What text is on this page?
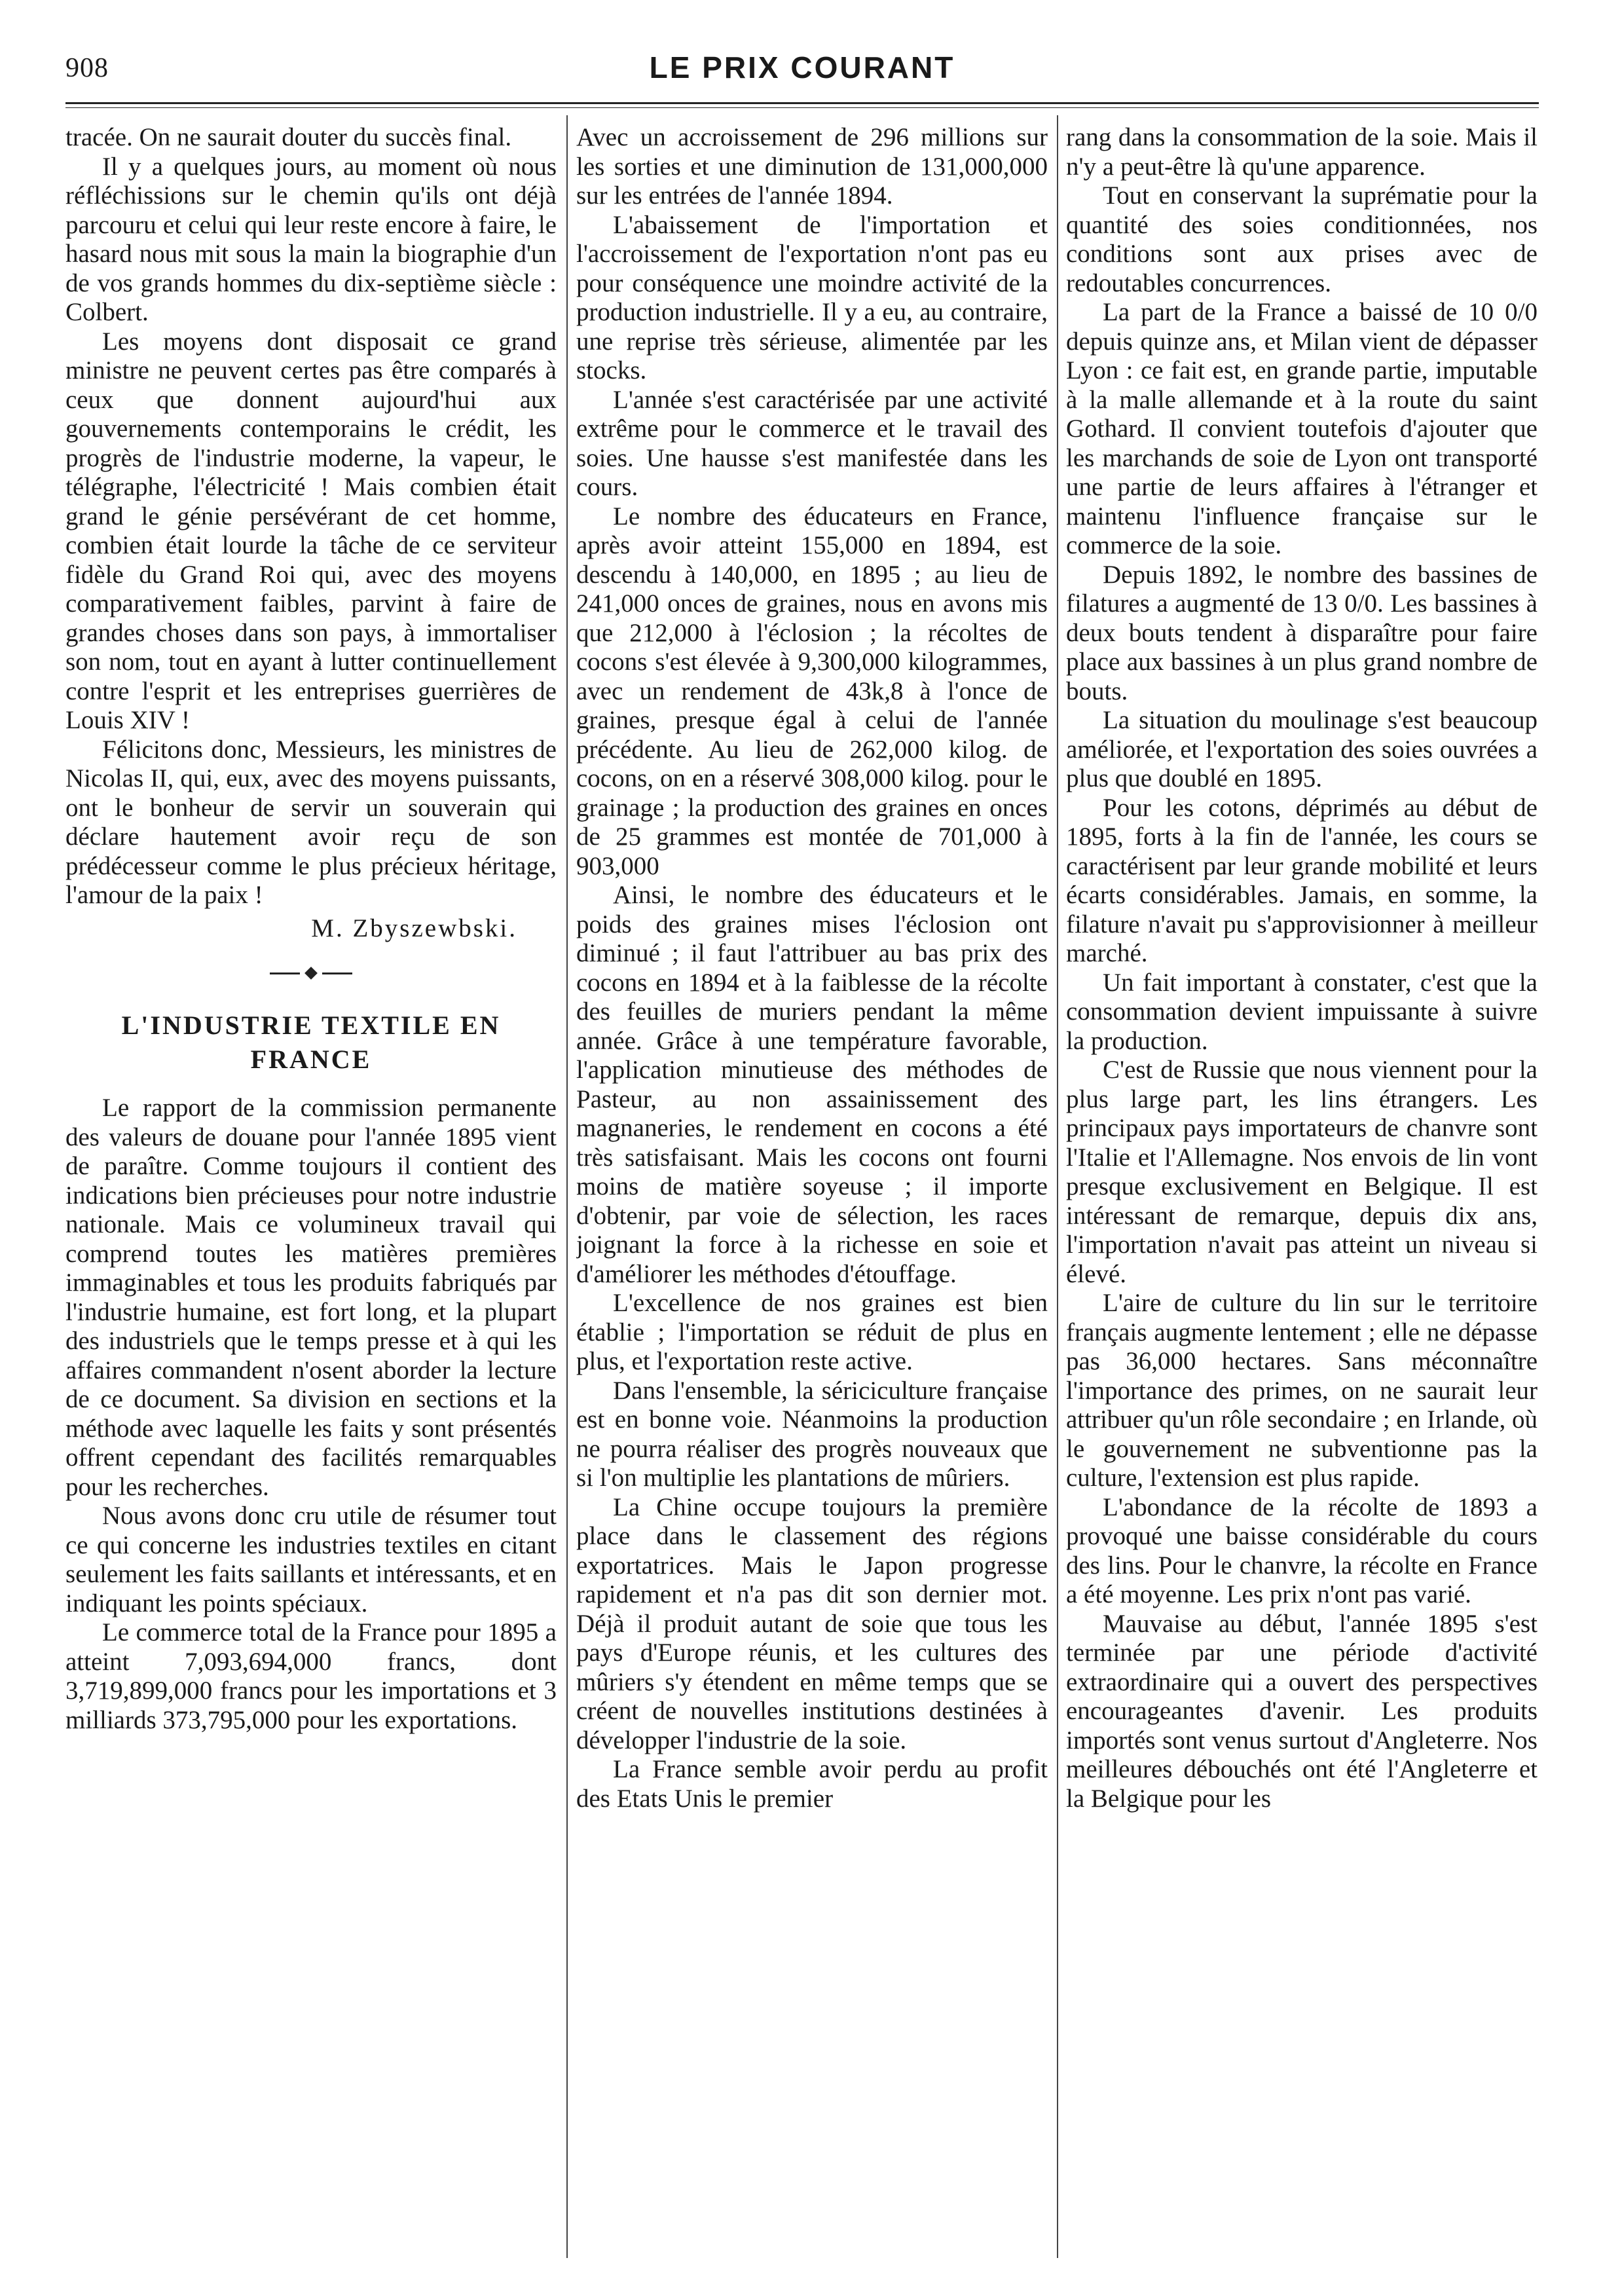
908	LE PRIX COURANT

tracée. On ne saurait douter du succès final.

Il y a quelques jours, au moment où nous réfléchissions sur le chemin qu'ils ont déjà parcouru et celui qui leur reste encore à faire, le hasard nous mit sous la main la biographie d'un de vos grands hommes du dix-septième siècle : Colbert.

Les moyens dont disposait ce grand ministre ne peuvent certes pas être comparés à ceux que donnent aujourd'hui aux gouvernements contemporains le crédit, les progrès de l'industrie moderne, la vapeur, le télégraphe, l'électricité ! Mais combien était grand le génie persévérant de cet homme, combien était lourde la tâche de ce serviteur fidèle du Grand Roi qui, avec des moyens comparativement faibles, parvint à faire de grandes choses dans son pays, à immortaliser son nom, tout en ayant à lutter continuellement contre l'esprit et les entreprises guerrières de Louis XIV !

Félicitons donc, Messieurs, les ministres de Nicolas II, qui, eux, avec des moyens puissants, ont le bonheur de servir un souverain qui déclare hautement avoir reçu de son prédécesseur comme le plus précieux héritage, l'amour de la paix !

M. Zbyszewbski.
L'INDUSTRIE TEXTILE EN
FRANCE

Le rapport de la commission permanente des valeurs de douane pour l'année 1895 vient de paraître. Comme toujours il contient des indications bien précieuses pour notre industrie nationale. Mais ce volumineux travail qui comprend toutes les matières premières immaginables et tous les produits fabriqués par l'industrie humaine, est fort long, et la plupart des industriels que le temps presse et à qui les affaires commandent n'osent aborder la lecture de ce document. Sa division en sections et la méthode avec laquelle les faits y sont présentés offrent cependant des facilités remarquables pour les recherches.

Nous avons donc cru utile de résumer tout ce qui concerne les industries textiles en citant seulement les faits saillants et intéressants, et en indiquant les points spéciaux.

Le commerce total de la France pour 1895 a atteint 7,093,694,000 francs, dont 3,719,899,000 francs pour les importations et 3 milliards 373,795,000 pour les exportations.

Avec un accroissement de 296 millions sur les sorties et une diminution de 131,000,000 sur les entrées de l'année 1894.

L'abaissement de l'importation et l'accroissement de l'exportation n'ont pas eu pour conséquence une moindre activité de la production industrielle. Il y a eu, au contraire, une reprise très sérieuse, alimentée par les stocks.

L'année s'est caractérisée par une activité extrême pour le commerce et le travail des soies. Une hausse s'est manifestée dans les cours.

Le nombre des éducateurs en France, après avoir atteint 155,000 en 1894, est descendu à 140,000, en 1895 ; au lieu de 241,000 onces de graines, nous en avons mis que 212,000 à l'éclosion ; la récoltes de cocons s'est élevée à 9,300,000 kilogrammes, avec un rendement de 43k,8 à l'once de graines, presque égal à celui de l'année précédente. Au lieu de 262,000 kilog. de cocons, on en a réservé 308,000 kilog. pour le grainage ; la production des graines en onces de 25 grammes est montée de 701,000 à 903,000

Ainsi, le nombre des éducateurs et le poids des graines mises l'éclosion ont diminué ; il faut l'attribuer au bas prix des cocons en 1894 et à la faiblesse de la récolte des feuilles de muriers pendant la même année. Grâce à une température favorable, l'application minutieuse des méthodes de Pasteur, au non assainissement des magnaneries, le rendement en cocons a été très satisfaisant. Mais les cocons ont fourni moins de matière soyeuse ; il importe d'obtenir, par voie de sélection, les races joignant la force à la richesse en soie et d'améliorer les méthodes d'étouffage.

L'excellence de nos graines est bien établie ; l'importation se réduit de plus en plus, et l'exportation reste active.

Dans l'ensemble, la sériciculture française est en bonne voie. Néanmoins la production ne pourra réaliser des progrès nouveaux que si l'on multiplie les plantations de mûriers.

La Chine occupe toujours la première place dans le classement des régions exportatrices. Mais le Japon progresse rapidement et n'a pas dit son dernier mot. Déjà il produit autant de soie que tous les pays d'Europe réunis, et les cultures des mûriers s'y étendent en même temps que se créent de nouvelles institutions destinées à développer l'industrie de la soie.

La France semble avoir perdu au profit des Etats Unis le premier

rang dans la consommation de la soie. Mais il n'y a peut-être là qu'une apparence.

Tout en conservant la suprématie pour la quantité des soies conditionnées, nos conditions sont aux prises avec de redoutables concurrences.

La part de la France a baissé de 10 0/0 depuis quinze ans, et Milan vient de dépasser Lyon : ce fait est, en grande partie, imputable à la malle allemande et à la route du saint Gothard. Il convient toutefois d'ajouter que les marchands de soie de Lyon ont transporté une partie de leurs affaires à l'étranger et maintenu l'influence française sur le commerce de la soie.

Depuis 1892, le nombre des bassines de filatures a augmenté de 13 0/0. Les bassines à deux bouts tendent à disparaître pour faire place aux bassines à un plus grand nombre de bouts.

La situation du moulinage s'est beaucoup améliorée, et l'exportation des soies ouvrées a plus que doublé en 1895.

Pour les cotons, déprimés au début de 1895, forts à la fin de l'année, les cours se caractérisent par leur grande mobilité et leurs écarts considérables. Jamais, en somme, la filature n'avait pu s'approvisionner à meilleur marché.

Un fait important à constater, c'est que la consommation devient impuissante à suivre la production.

C'est de Russie que nous viennent pour la plus large part, les lins étrangers. Les principaux pays importateurs de chanvre sont l'Italie et l'Allemagne. Nos envois de lin vont presque exclusivement en Belgique. Il est intéressant de remarque, depuis dix ans, l'importation n'avait pas atteint un niveau si élevé.

L'aire de culture du lin sur le territoire français augmente lentement ; elle ne dépasse pas 36,000 hectares. Sans méconnaître l'importance des primes, on ne saurait leur attribuer qu'un rôle secondaire ; en Irlande, où le gouvernement ne subventionne pas la culture, l'extension est plus rapide.

L'abondance de la récolte de 1893 a provoqué une baisse considérable du cours des lins. Pour le chanvre, la récolte en France a été moyenne. Les prix n'ont pas varié.

Mauvaise au début, l'année 1895 s'est terminée par une période d'activité extraordinaire qui a ouvert des perspectives encourageantes d'avenir. Les produits importés sont venus surtout d'Angleterre. Nos meilleures débouchés ont été l'Angleterre et la Belgique pour les
